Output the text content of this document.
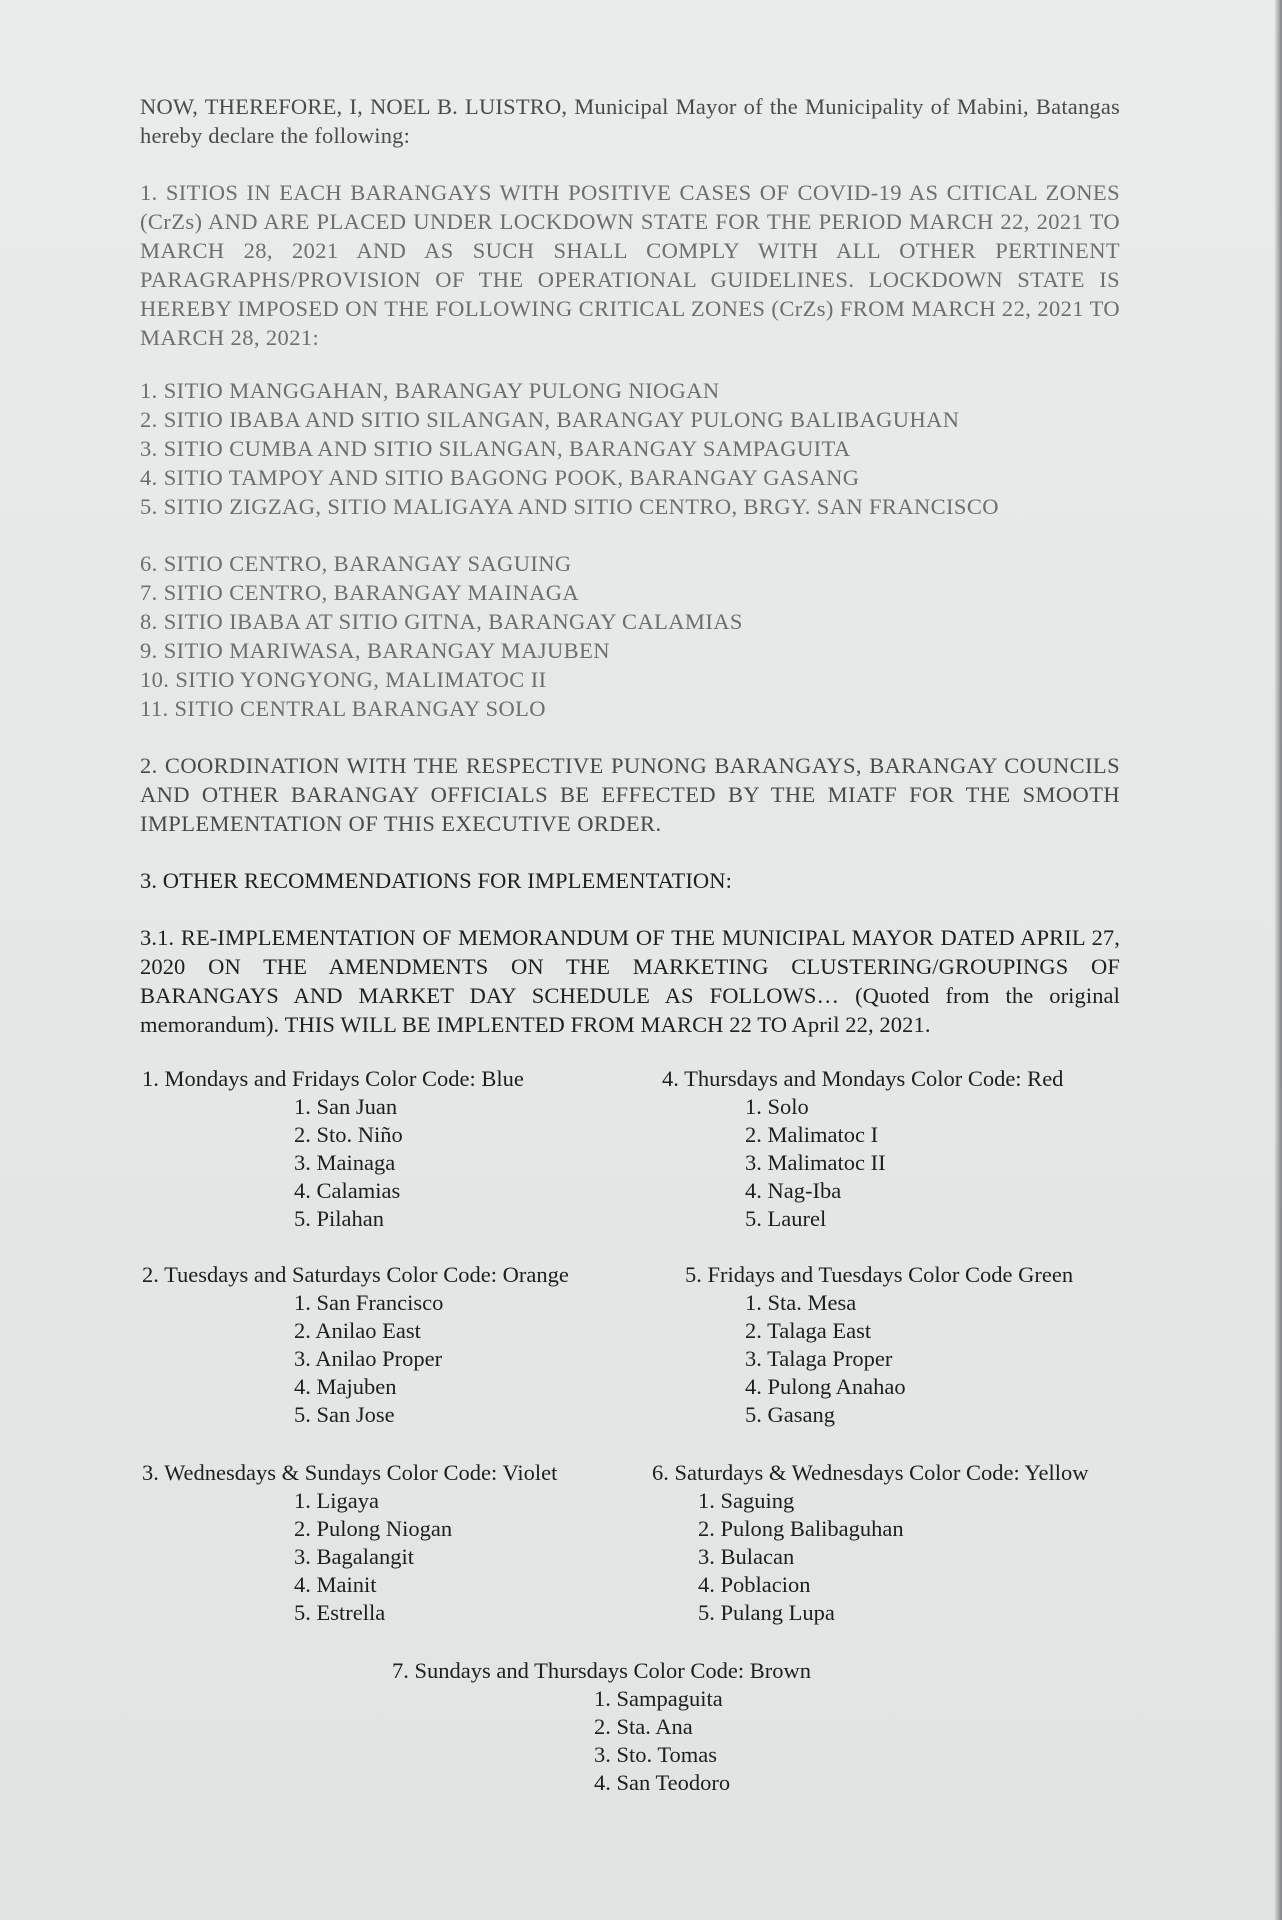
NOW, THEREFORE, I, NOEL B. LUISTRO, Municipal Mayor of the Municipality of Mabini, Batangas hereby declare the following:

1. SITIOS IN EACH BARANGAYS WITH POSITIVE CASES OF COVID-19 AS CITICAL ZONES (CrZs) AND ARE PLACED UNDER LOCKDOWN STATE FOR THE PERIOD MARCH 22, 2021 TO MARCH 28, 2021 AND AS SUCH SHALL COMPLY WITH ALL OTHER PERTINENT PARAGRAPHS/PROVISION OF THE OPERATIONAL GUIDELINES. LOCKDOWN STATE IS HEREBY IMPOSED ON THE FOLLOWING CRITICAL ZONES (CrZs) FROM MARCH 22, 2021 TO MARCH 28, 2021:

1. SITIO MANGGAHAN, BARANGAY PULONG NIOGAN
2. SITIO IBABA AND SITIO SILANGAN, BARANGAY PULONG BALIBAGUHAN
3. SITIO CUMBA AND SITIO SILANGAN, BARANGAY SAMPAGUITA
4. SITIO TAMPOY AND SITIO BAGONG POOK, BARANGAY GASANG
5. SITIO ZIGZAG, SITIO MALIGAYA AND SITIO CENTRO, BRGY. SAN FRANCISCO
6. SITIO CENTRO, BARANGAY SAGUING
7. SITIO CENTRO, BARANGAY MAINAGA
8. SITIO IBABA AT SITIO GITNA, BARANGAY CALAMIAS
9. SITIO MARIWASA, BARANGAY MAJUBEN
10. SITIO YONGYONG, MALIMATOC II
11. SITIO CENTRAL BARANGAY SOLO

2. COORDINATION WITH THE RESPECTIVE PUNONG BARANGAYS, BARANGAY COUNCILS AND OTHER BARANGAY OFFICIALS BE EFFECTED BY THE MIATF FOR THE SMOOTH IMPLEMENTATION OF THIS EXECUTIVE ORDER.

3. OTHER RECOMMENDATIONS FOR IMPLEMENTATION:

3.1. RE-IMPLEMENTATION OF MEMORANDUM OF THE MUNICIPAL MAYOR DATED APRIL 27, 2020 ON THE AMENDMENTS ON THE MARKETING CLUSTERING/GROUPINGS OF BARANGAYS AND MARKET DAY SCHEDULE AS FOLLOWS… (Quoted from the original memorandum). THIS WILL BE IMPLENTED FROM MARCH 22 TO April 22, 2021.

1. Mondays and Fridays Color Code: Blue
1. San Juan
2. Sto. Niño
3. Mainaga
4. Calamias
5. Pilahan
4. Thursdays and Mondays Color Code: Red
1. Solo
2. Malimatoc I
3. Malimatoc II
4. Nag-Iba
5. Laurel
2. Tuesdays and Saturdays Color Code: Orange
1. San Francisco
2. Anilao East
3. Anilao Proper
4. Majuben
5. San Jose
5. Fridays and Tuesdays Color Code Green
1. Sta. Mesa
2. Talaga East
3. Talaga Proper
4. Pulong Anahao
5. Gasang
3. Wednesdays & Sundays Color Code: Violet
1. Ligaya
2. Pulong Niogan
3. Bagalangit
4. Mainit
5. Estrella
6. Saturdays & Wednesdays Color Code: Yellow
1. Saguing
2. Pulong Balibaguhan
3. Bulacan
4. Poblacion
5. Pulang Lupa
7. Sundays and Thursdays Color Code: Brown
1. Sampaguita
2. Sta. Ana
3. Sto. Tomas
4. San Teodoro
